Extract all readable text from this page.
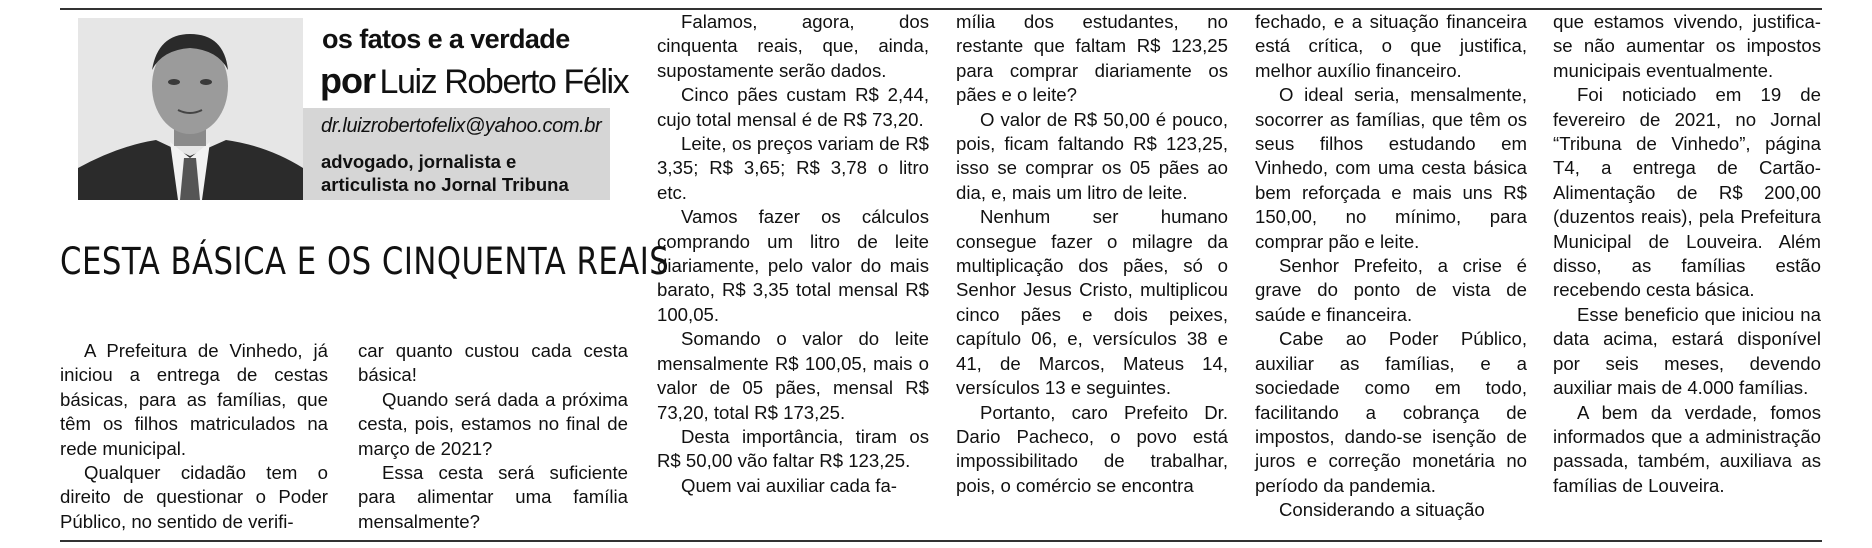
os fatos e a verdade
por Luiz Roberto Félix
dr.luizrobertofelix@yahoo.com.br
advogado, jornalista e
articulista no Jornal Tribuna
CESTA BÁSICA E OS CINQUENTA REAIS

A Prefeitura de Vinhedo, já iniciou a entrega de cestas básicas, para as famílias, que têm os filhos matriculados na rede municipal.

Qualquer cidadão tem o direito de questionar o Poder Público, no sentido de verifi-

car quanto custou cada cesta básica!

Quando será dada a próxima cesta, pois, estamos no final de março de 2021?

Essa cesta será suficiente para alimentar uma família mensalmente?

Falamos, agora, dos cinquenta reais, que, ainda, supostamente serão dados.

Cinco pães custam R$ 2,44, cujo total mensal é de R$ 73,20.

Leite, os preços variam de R$ 3,35; R$ 3,65; R$ 3,78 o litro etc.

Vamos fazer os cálculos comprando um litro de leite diariamente, pelo valor do mais barato, R$ 3,35 total mensal R$ 100,05.

Somando o valor do leite mensalmente R$ 100,05, mais o valor de 05 pães, mensal R$ 73,20, total R$ 173,25.

Desta importância, tiram os R$ 50,00 vão faltar R$ 123,25.

Quem vai auxiliar cada fa-

mília dos estudantes, no restante que faltam R$ 123,25 para comprar diariamente os pães e o leite?

O valor de R$ 50,00 é pouco, pois, ficam faltando R$ 123,25, isso se comprar os 05 pães ao dia, e, mais um litro de leite.

Nenhum ser humano consegue fazer o milagre da multiplicação dos pães, só o Senhor Jesus Cristo, multiplicou cinco pães e dois peixes, capítulo 06, e, versículos 38 e 41, de Marcos, Mateus 14, versículos 13 e seguintes.

Portanto, caro Prefeito Dr. Dario Pacheco, o povo está impossibilitado de trabalhar, pois, o comércio se encontra

fechado, e a situação financeira está crítica, o que justifica, melhor auxílio financeiro.

O ideal seria, mensalmente, socorrer as famílias, que têm os seus filhos estudando em Vinhedo, com uma cesta básica bem reforçada e mais uns R$ 150,00, no mínimo, para comprar pão e leite.

Senhor Prefeito, a crise é grave do ponto de vista de saúde e financeira.

Cabe ao Poder Público, auxiliar as famílias, e a sociedade como em todo, facilitando a cobrança de impostos, dando-se isenção de juros e correção monetária no período da pandemia.

Considerando a situação

que estamos vivendo, justifica-se não aumentar os impostos municipais eventualmente.

Foi noticiado em 19 de fevereiro de 2021, no Jornal “Tribuna de Vinhedo”, página T4, a entrega de Cartão-Alimentação de R$ 200,00 (duzentos reais), pela Prefeitura Municipal de Louveira. Além disso, as famílias estão recebendo cesta básica.

Esse beneficio que iniciou na data acima, estará disponível por seis meses, devendo auxiliar mais de 4.000 famílias.

A bem da verdade, fomos informados que a administração passada, também, auxiliava as famílias de Louveira.
